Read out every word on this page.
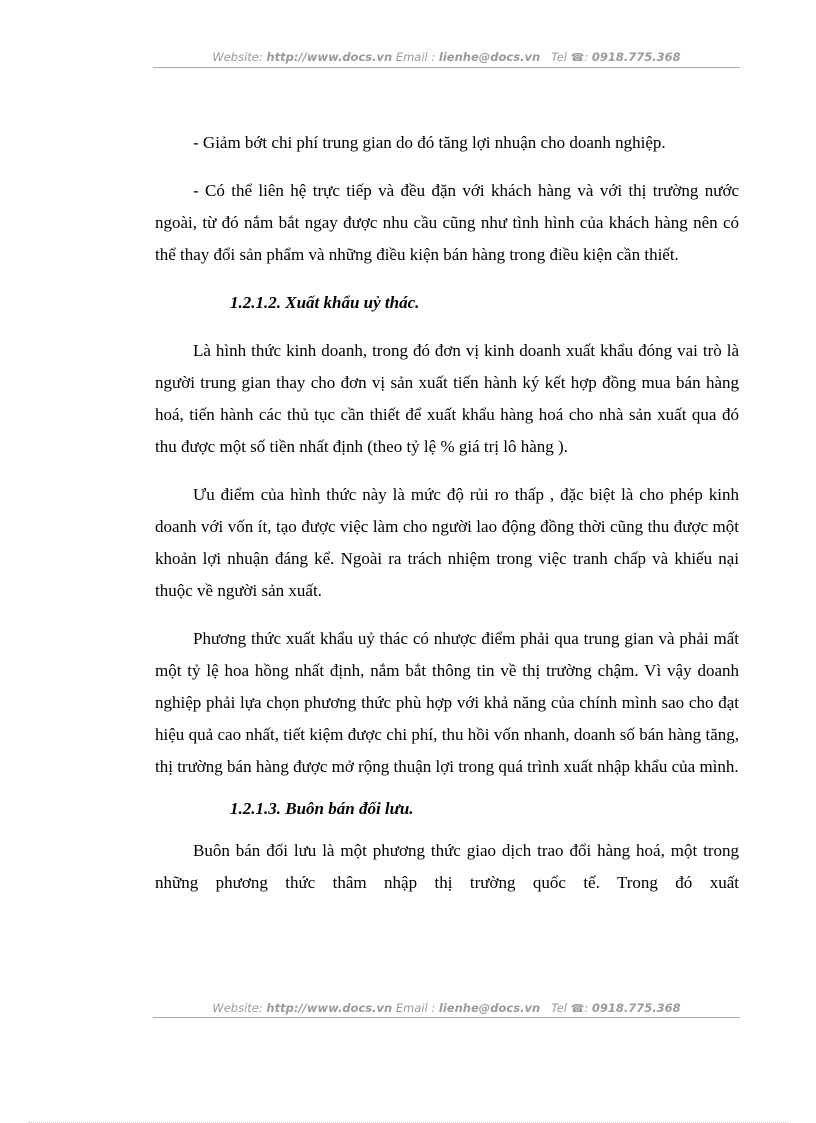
Website: http://www.docs.vn Email : lienhe@docs.vn Tel ☎: 0918.775.368

- Giảm bớt chi phí trung gian do đó tăng lợi nhuận cho doanh nghiệp.

- Có thể liên hệ trực tiếp và đều đặn với khách hàng và với thị trường nước ngoài, từ đó nắm bắt ngay được nhu cầu cũng như tình hình của khách hàng nên có thể thay đổi sản phẩm và những điều kiện bán hàng trong điều kiện cần thiết.

1.2.1.2. Xuất khẩu uỷ thác.

Là hình thức kinh doanh, trong đó đơn vị kinh doanh xuất khẩu đóng vai trò là người trung gian thay cho đơn vị sản xuất tiến hành ký kết hợp đồng mua bán hàng hoá, tiến hành các thủ tục cần thiết để xuất khẩu hàng hoá cho nhà sản xuất qua đó thu được một số tiền nhất định (theo tỷ lệ % giá trị lô hàng ).

Ưu điểm của hình thức này là mức độ rủi ro thấp , đặc biệt là cho phép kinh doanh với vốn ít, tạo được việc làm cho người lao động đồng thời cũng thu được một khoản lợi nhuận đáng kể. Ngoài ra trách nhiệm trong việc tranh chấp và khiếu nại thuộc về người sản xuất.

Phương thức xuất khẩu uỷ thác có nhược điểm phải qua trung gian và phải mất một tỷ lệ hoa hồng nhất định, nắm bắt thông tin về thị trường chậm. Vì vậy doanh nghiệp phải lựa chọn phương thức phù hợp với khả năng của chính mình sao cho đạt hiệu quả cao nhất, tiết kiệm được chi phí, thu hồi vốn nhanh, doanh số bán hàng tăng, thị trường bán hàng được mở rộng thuận lợi trong quá trình xuất nhập khẩu của mình.

1.2.1.3. Buôn bán đối lưu.

Buôn bán đối lưu là một phương thức giao dịch trao đổi hàng hoá, một trong những phương thức thâm nhập thị trường quốc tế. Trong đó xuất

Website: http://www.docs.vn Email : lienhe@docs.vn Tel ☎: 0918.775.368
